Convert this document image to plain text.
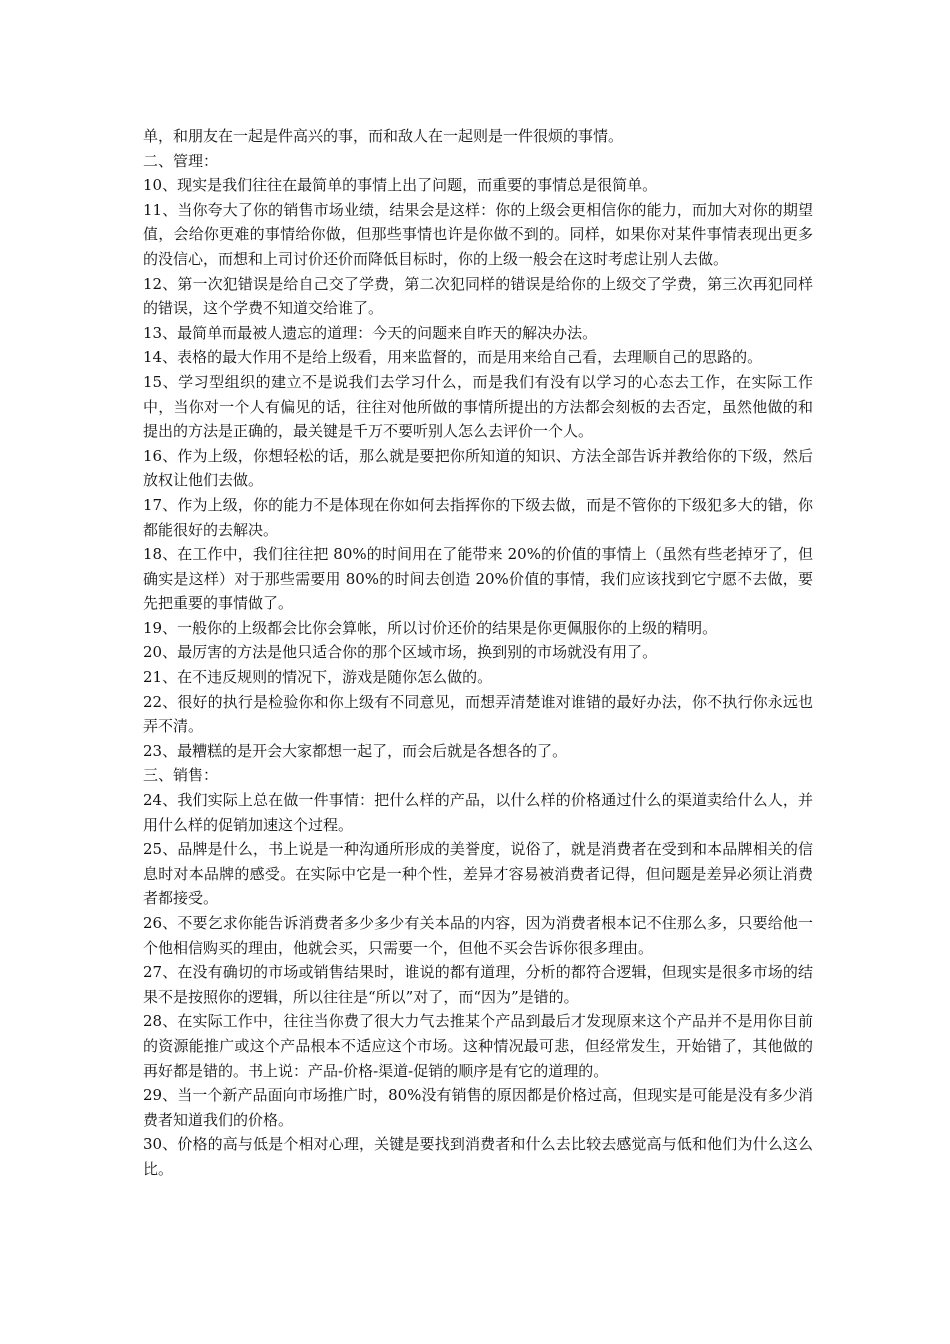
单，和朋友在一起是件高兴的事，而和敌人在一起则是一件很烦的事情。

二、管理：

10、现实是我们往往在最简单的事情上出了问题，而重要的事情总是很简单。

11、当你夸大了你的销售市场业绩，结果会是这样：你的上级会更相信你的能力，而加大对你的期望值，会给你更难的事情给你做，但那些事情也许是你做不到的。同样，如果你对某件事情表现出更多的没信心，而想和上司讨价还价而降低目标时，你的上级一般会在这时考虑让别人去做。

12、第一次犯错误是给自己交了学费，第二次犯同样的错误是给你的上级交了学费，第三次再犯同样的错误，这个学费不知道交给谁了。

13、最简单而最被人遗忘的道理：今天的问题来自昨天的解决办法。

14、表格的最大作用不是给上级看，用来监督的，而是用来给自己看，去理顺自己的思路的。

15、学习型组织的建立不是说我们去学习什么，而是我们有没有以学习的心态去工作，在实际工作中，当你对一个人有偏见的话，往往对他所做的事情所提出的方法都会刻板的去否定，虽然他做的和提出的方法是正确的，最关键是千万不要听别人怎么去评价一个人。

16、作为上级，你想轻松的话，那么就是要把你所知道的知识、方法全部告诉并教给你的下级，然后放权让他们去做。

17、作为上级，你的能力不是体现在你如何去指挥你的下级去做，而是不管你的下级犯多大的错，你都能很好的去解决。

18、在工作中，我们往往把 80%的时间用在了能带来 20%的价值的事情上（虽然有些老掉牙了，但确实是这样）对于那些需要用 80%的时间去创造 20%价值的事情，我们应该找到它宁愿不去做，要先把重要的事情做了。

19、一般你的上级都会比你会算帐，所以讨价还价的结果是你更佩服你的上级的精明。

20、最厉害的方法是他只适合你的那个区域市场，换到别的市场就没有用了。

21、在不违反规则的情况下，游戏是随你怎么做的。

22、很好的执行是检验你和你上级有不同意见，而想弄清楚谁对谁错的最好办法，你不执行你永远也弄不清。

23、最糟糕的是开会大家都想一起了，而会后就是各想各的了。

三、销售：

24、我们实际上总在做一件事情：把什么样的产品，以什么样的价格通过什么的渠道卖给什么人，并用什么样的促销加速这个过程。

25、品牌是什么，书上说是一种沟通所形成的美誉度，说俗了，就是消费者在受到和本品牌相关的信息时对本品牌的感受。在实际中它是一种个性，差异才容易被消费者记得，但问题是差异必须让消费者都接受。

26、不要乞求你能告诉消费者多少多少有关本品的内容，因为消费者根本记不住那么多，只要给他一个他相信购买的理由，他就会买，只需要一个，但他不买会告诉你很多理由。

27、在没有确切的市场或销售结果时，谁说的都有道理，分析的都符合逻辑，但现实是很多市场的结果不是按照你的逻辑，所以往往是“所以”对了，而“因为”是错的。

28、在实际工作中，往往当你费了很大力气去推某个产品到最后才发现原来这个产品并不是用你目前的资源能推广或这个产品根本不适应这个市场。这种情况最可悲，但经常发生，开始错了，其他做的再好都是错的。书上说：产品-价格-渠道-促销的顺序是有它的道理的。

29、当一个新产品面向市场推广时，80%没有销售的原因都是价格过高，但现实是可能是没有多少消费者知道我们的价格。

30、价格的高与低是个相对心理，关键是要找到消费者和什么去比较去感觉高与低和他们为什么这么比。
